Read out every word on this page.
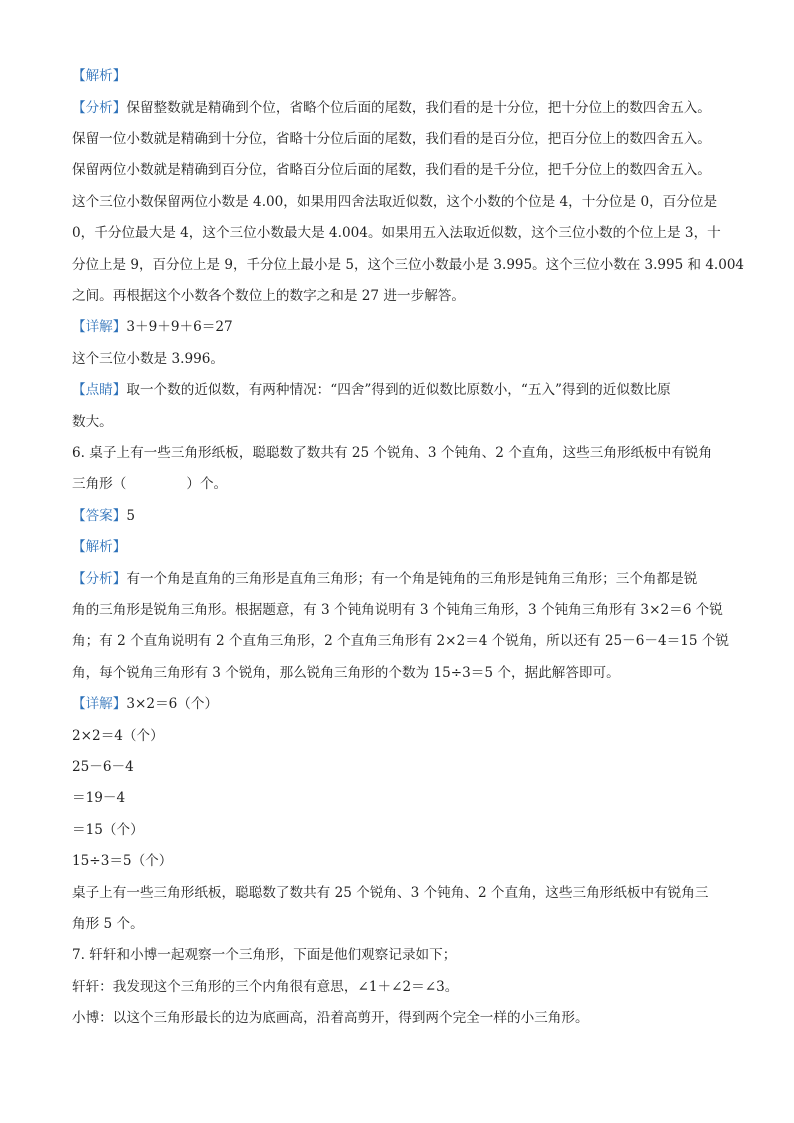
【解析】
【分析】保留整数就是精确到个位，省略个位后面的尾数，我们看的是十分位，把十分位上的数四舍五入。
保留一位小数就是精确到十分位，省略十分位后面的尾数，我们看的是百分位，把百分位上的数四舍五入。
保留两位小数就是精确到百分位，省略百分位后面的尾数，我们看的是千分位，把千分位上的数四舍五入。
这个三位小数保留两位小数是 4.00，如果用四舍法取近似数，这个小数的个位是 4，十分位是 0，百分位是
0，千分位最大是 4，这个三位小数最大是 4.004。如果用五入法取近似数，这个三位小数的个位上是 3，十
分位上是 9，百分位上是 9，千分位上最小是 5，这个三位小数最小是 3.995。这个三位小数在 3.995 和 4.004
之间。再根据这个小数各个数位上的数字之和是 27 进一步解答。
【详解】3＋9＋9＋6＝27
这个三位小数是 3.996。
【点睛】取一个数的近似数，有两种情况：“四舍”得到的近似数比原数小，“五入”得到的近似数比原
数大。
6. 桌子上有一些三角形纸板，聪聪数了数共有 25 个锐角、3 个钝角、2 个直角，这些三角形纸板中有锐角
三角形（	）个。
【答案】5
【解析】
【分析】有一个角是直角的三角形是直角三角形；有一个角是钝角的三角形是钝角三角形；三个角都是锐
角的三角形是锐角三角形。根据题意，有 3 个钝角说明有 3 个钝角三角形，3 个钝角三角形有 3×2＝6 个锐
角；有 2 个直角说明有 2 个直角三角形，2 个直角三角形有 2×2＝4 个锐角，所以还有 25－6－4＝15 个锐
角，每个锐角三角形有 3 个锐角，那么锐角三角形的个数为 15÷3＝5 个，据此解答即可。
【详解】3×2＝6（个）
2×2＝4（个）
25－6－4
＝19－4
＝15（个）
15÷3＝5（个）
桌子上有一些三角形纸板，聪聪数了数共有 25 个锐角、3 个钝角、2 个直角，这些三角形纸板中有锐角三
角形 5 个。
7. 轩轩和小博一起观察一个三角形，下面是他们观察记录如下；
轩轩：我发现这个三角形的三个内角很有意思，∠1＋∠2＝∠3。
小博：以这个三角形最长的边为底画高，沿着高剪开，得到两个完全一样的小三角形。
